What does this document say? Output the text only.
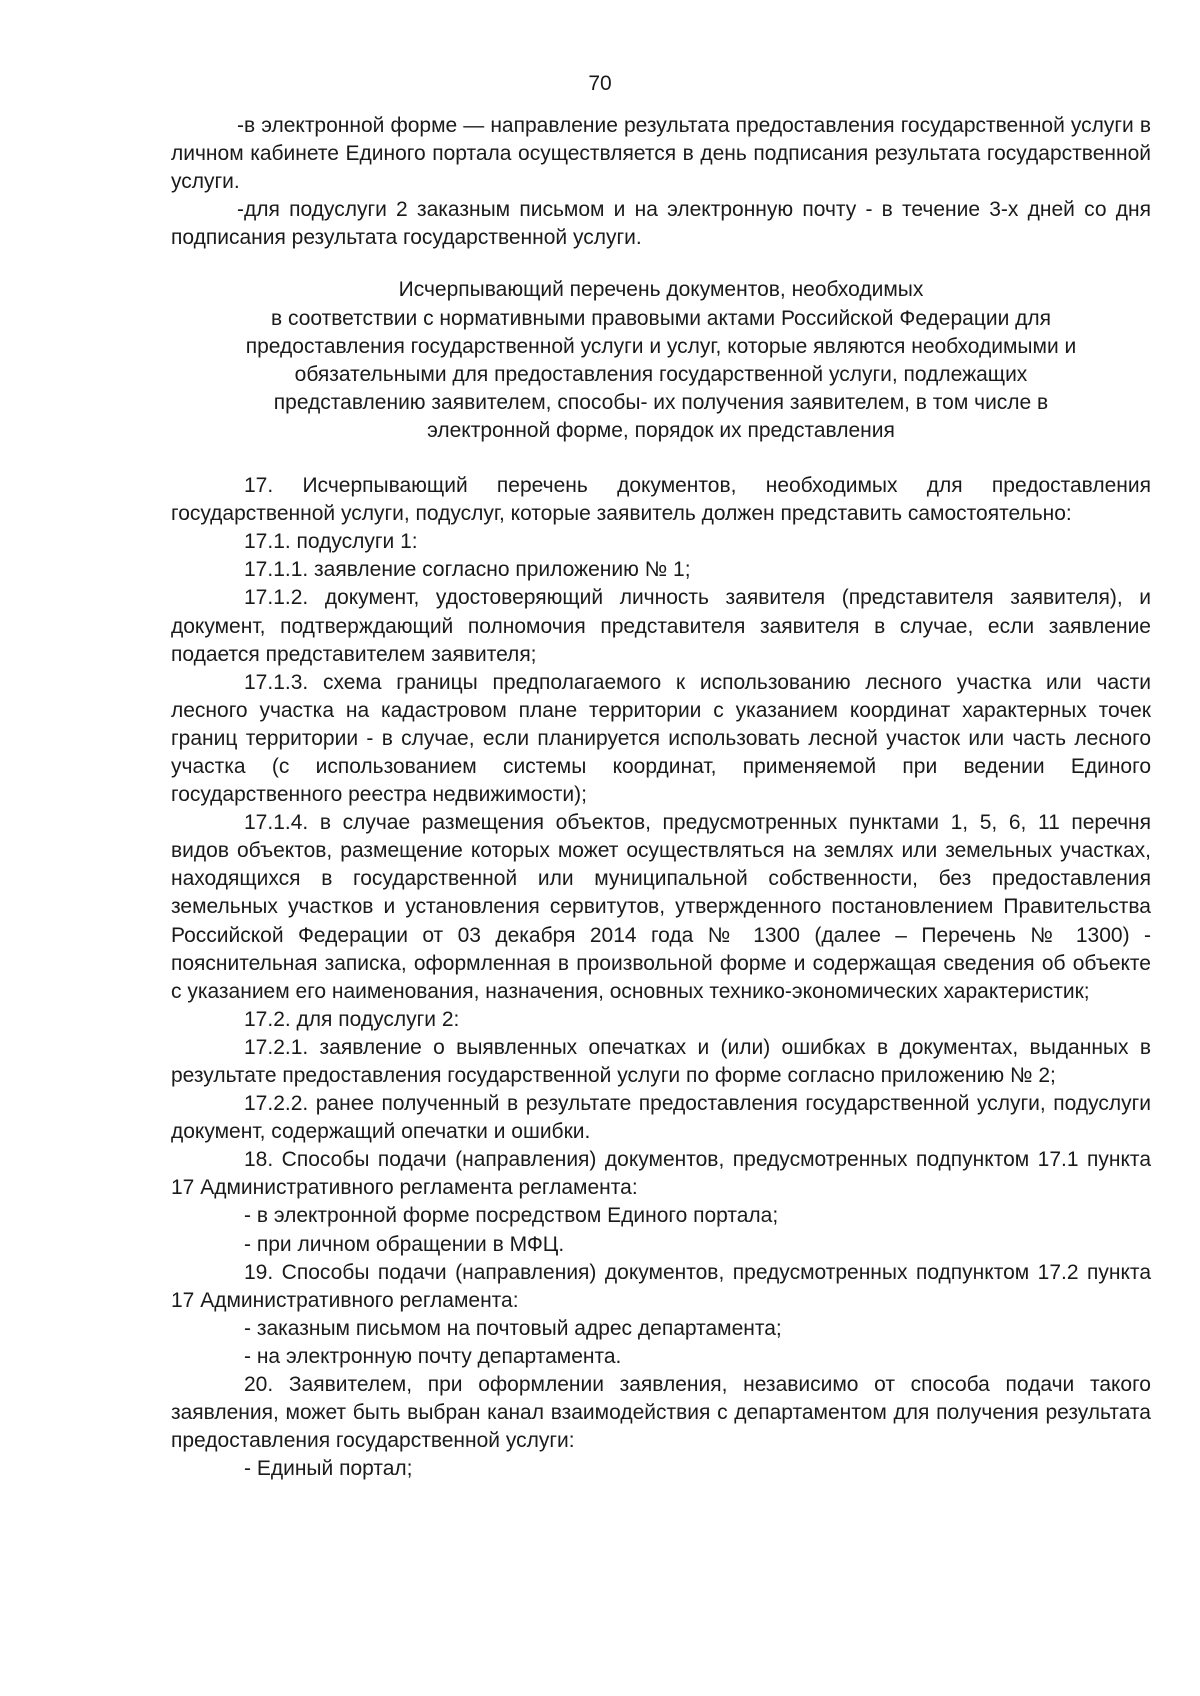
70

-в электронной форме — направление результата предоставления государственной услуги в личном кабинете Единого портала осуществляется в день подписания результата государственной услуги.

-для подуслуги 2 заказным письмом и на электронную почту - в течение 3-х дней со дня подписания результата государственной услуги.

Исчерпывающий перечень документов, необходимых

в соответствии с нормативными правовыми актами Российской Федерации для

предоставления государственной услуги и услуг, которые являются необходимыми и

обязательными для предоставления государственной услуги, подлежащих

представлению заявителем, способы- их получения заявителем, в том числе в

электронной форме, порядок их представления

17. Исчерпывающий перечень документов, необходимых для предоставления государственной услуги, подуслуг, которые заявитель должен представить самостоятельно:

17.1. подуслуги 1:

17.1.1. заявление согласно приложению № 1;

17.1.2. документ, удостоверяющий личность заявителя (представителя заявителя), и документ, подтверждающий полномочия представителя заявителя в случае, если заявление подается представителем заявителя;

17.1.3. схема границы предполагаемого к использованию лесного участка или части лесного участка на кадастровом плане территории с указанием координат характерных точек границ территории - в случае, если планируется использовать лесной участок или часть лесного участка (с использованием системы координат, применяемой при ведении Единого государственного реестра недвижимости);

17.1.4. в случае размещения объектов, предусмотренных пунктами 1, 5, 6, 11 перечня видов объектов, размещение которых может осуществляться на землях или земельных участках, находящихся в государственной или муниципальной собственности, без предоставления земельных участков и установления сервитутов, утвержденного постановлением Правительства Российской Федерации от 03 декабря 2014 года № 1300 (далее – Перечень № 1300) - пояснительная записка, оформленная в произвольной форме и содержащая сведения об объекте с указанием его наименования, назначения, основных технико-экономических характеристик;

17.2. для подуслуги 2:

17.2.1. заявление о выявленных опечатках и (или) ошибках в документах, выданных в результате предоставления государственной услуги по форме согласно приложению № 2;

17.2.2. ранее полученный в результате предоставления государственной услуги, подуслуги документ, содержащий опечатки и ошибки.

18. Способы подачи (направления) документов, предусмотренных подпунктом 17.1 пункта 17 Административного регламента регламента:

- в электронной форме посредством Единого портала;

- при личном обращении в МФЦ.

19. Способы подачи (направления) документов, предусмотренных подпунктом 17.2 пункта 17 Административного регламента:

- заказным письмом на почтовый адрес департамента;

- на электронную почту департамента.

20. Заявителем, при оформлении заявления, независимо от способа подачи такого заявления, может быть выбран канал взаимодействия с департаментом для получения результата предоставления государственной услуги:

- Единый портал;
